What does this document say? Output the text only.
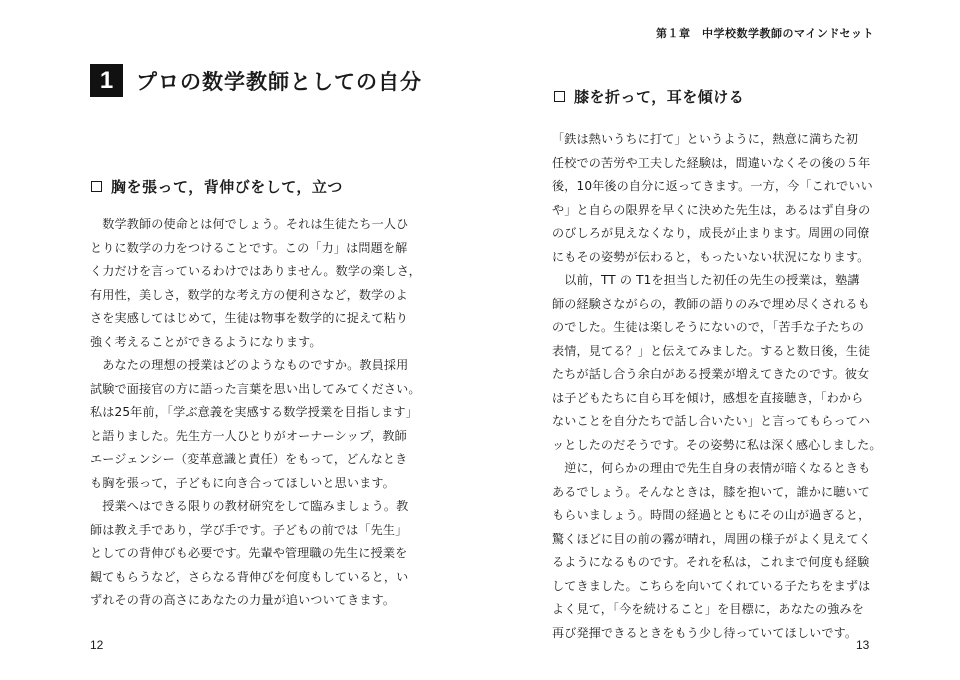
1	プロの数学教師としての自分
胸を張って，背伸びをして，立つ
　数学教師の使命とは何でしょう。それは生徒たち一人ひ
とりに数学の力をつけることです。この「力」は問題を解
く力だけを言っているわけではありません。数学の楽しさ，
有用性，美しさ，数学的な考え方の便利さなど，数学のよ
さを実感してはじめて，生徒は物事を数学的に捉えて粘り
強く考えることができるようになります。
　あなたの理想の授業はどのようなものですか。教員採用
試験で面接官の方に語った言葉を思い出してみてください。
私は25年前，「学ぶ意義を実感する数学授業を目指します」
と語りました。先生方一人ひとりがオーナーシップ，教師
エージェンシー（変革意識と責任）をもって，どんなとき
も胸を張って，子どもに向き合ってほしいと思います。
　授業へはできる限りの教材研究をして臨みましょう。教
師は教え手であり，学び手です。子どもの前では「先生」
としての背伸びも必要です。先輩や管理職の先生に授業を
観てもらうなど，さらなる背伸びを何度もしていると，い
ずれその背の高さにあなたの力量が追いついてきます。
12
第１章　中学校数学教師のマインドセット
膝を折って，耳を傾ける
「鉄は熱いうちに打て」というように，熱意に満ちた初
任校での苦労や工夫した経験は，間違いなくその後の５年
後，10年後の自分に返ってきます。一方，今「これでいい
や」と自らの限界を早くに決めた先生は，あるはず自身の
のびしろが見えなくなり，成長が止まります。周囲の同僚
にもその姿勢が伝わると，もったいない状況になります。
　以前，TT の T1を担当した初任の先生の授業は，塾講
師の経験さながらの，教師の語りのみで埋め尽くされるも
のでした。生徒は楽しそうにないので，「苦手な子たちの
表情，見てる？」と伝えてみました。すると数日後，生徒
たちが話し合う余白がある授業が増えてきたのです。彼女
は子どもたちに自ら耳を傾け，感想を直接聴き，「わから
ないことを自分たちで話し合いたい」と言ってもらってハ
ッとしたのだそうです。その姿勢に私は深く感心しました。
　逆に，何らかの理由で先生自身の表情が暗くなるときも
あるでしょう。そんなときは，膝を抱いて，誰かに聴いて
もらいましょう。時間の経過とともにその山が過ぎると，
驚くほどに目の前の霧が晴れ，周囲の様子がよく見えてく
るようになるものです。それを私は，これまで何度も経験
してきました。こちらを向いてくれている子たちをまずは
よく見て，「今を続けること」を目標に，あなたの強みを
再び発揮できるときをもう少し待っていてほしいです。
13
